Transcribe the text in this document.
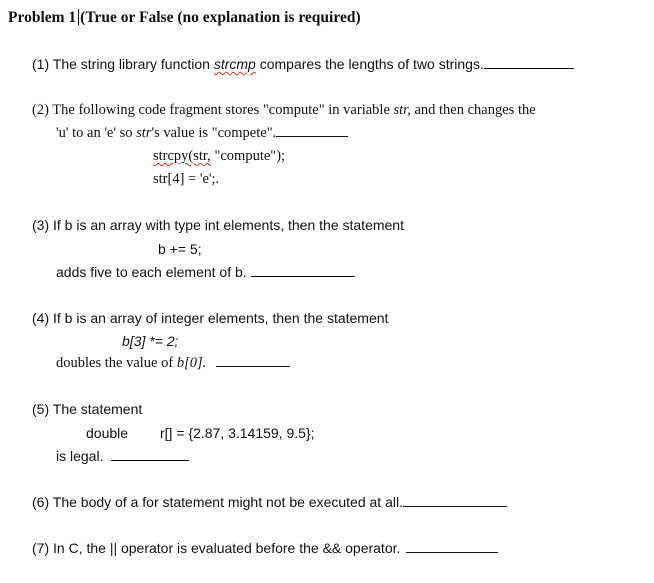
Problem 1 (True or False (no explanation is required)
(1) The string library function strcmp compares the lengths of two strings.
(2) The following code fragment stores "compute" in variable str, and then changes the
'u' to an 'e' so str's value is "compete".
strcpy(str, "compute");
str[4] = 'e';.
(3) If b is an array with type int elements, then the statement
b += 5;
adds five to each element of b.
(4) If b is an array of integer elements, then the statement
b[3] *= 2;
doubles the value of b[0].
(5) The statement
double r[] = {2.87, 3.14159, 9.5};
is legal.
(6) The body of a for statement might not be executed at all.
(7) In C, the || operator is evaluated before the && operator.
